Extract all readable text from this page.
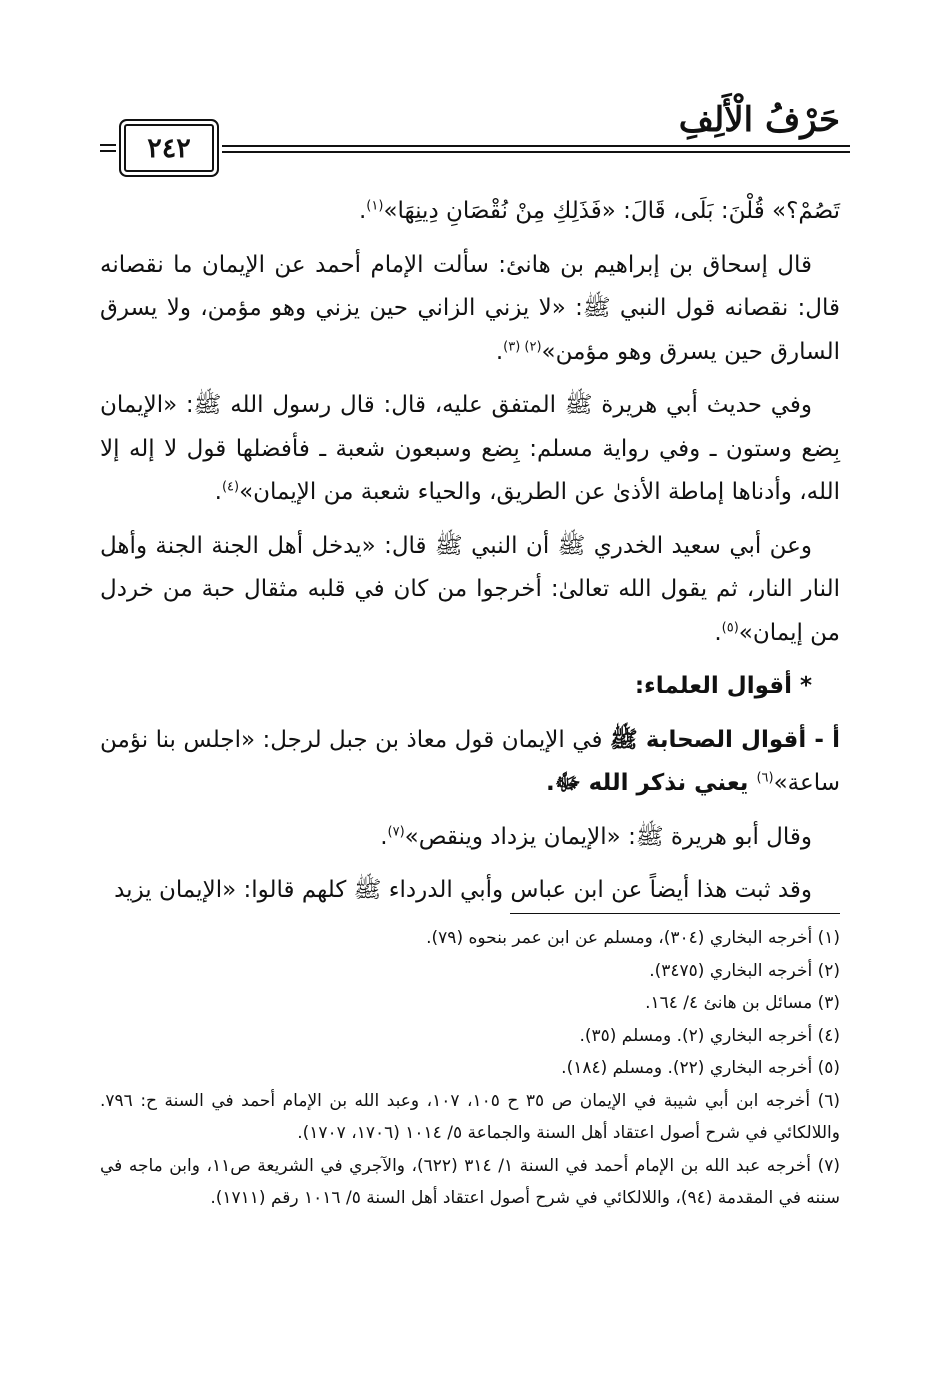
حَرْفُ الْأَلِفِ
٢٤٢

تَصُمْ؟» قُلْنَ: بَلَى، قَالَ: «فَذَلِكِ مِنْ نُقْصَانِ دِينِهَا»$^{(١)}$.

قال إسحاق بن إبراهيم بن هانئ: سألت الإمام أحمد عن الإيمان ما نقصانه قال: نقصانه قول النبي ﷺ: «لا يزني الزاني حين يزني وهو مؤمن، ولا يسرق السارق حين يسرق وهو مؤمن»$^{(٢) (٣)}$.

وفي حديث أبي هريرة ﷺ المتفق عليه، قال: قال رسول الله ﷺ: «الإيمان بِضع وستون ـ وفي رواية مسلم: بِضع وسبعون شعبة ـ فأفضلها قول لا إله إلا الله، وأدناها إماطة الأذىٰ عن الطريق، والحياء شعبة من الإيمان»$^{(٤)}$.

وعن أبي سعيد الخدري ﷺ أن النبي ﷺ قال: «يدخل أهل الجنة الجنة وأهل النار النار، ثم يقول الله تعالىٰ: أخرجوا من كان في قلبه مثقال حبة من خردل من إيمان»$^{(٥)}$.

* أقوال العلماء:

أ - أقوال الصحابة ﷺ في الإيمان قول معاذ بن جبل لرجل: «اجلس بنا نؤمن ساعة»$^{(٦)}$ يعني نذكر الله ﷻ.

وقال أبو هريرة ﷺ: «الإيمان يزداد وينقص»$^{(٧)}$.

وقد ثبت هذا أيضاً عن ابن عباس وأبي الدرداء ﷺ كلهم قالوا: «الإيمان يزيد

(١) أخرجه البخاري (٣٠٤)، ومسلم عن ابن عمر بنحوه (٧٩).

(٢) أخرجه البخاري (٣٤٧٥).

(٣) مسائل بن هانئ ٤/ ١٦٤.

(٤) أخرجه البخاري (٢). ومسلم (٣٥).

(٥) أخرجه البخاري (٢٢). ومسلم (١٨٤).

(٦) أخرجه ابن أبي شيبة في الإيمان ص ٣٥ ح ١٠٥، ١٠٧، وعبد الله بن الإمام أحمد في السنة ح: ٧٩٦. واللالكائي في شرح أصول اعتقاد أهل السنة والجماعة ٥/ ١٠١٤ (١٧٠٦، ١٧٠٧).

(٧) أخرجه عبد الله بن الإمام أحمد في السنة ١/ ٣١٤ (٦٢٢)، والآجري في الشريعة ص١١، وابن ماجه في سننه في المقدمة (٩٤)، واللالكائي في شرح أصول اعتقاد أهل السنة ٥/ ١٠١٦ رقم (١٧١١).
